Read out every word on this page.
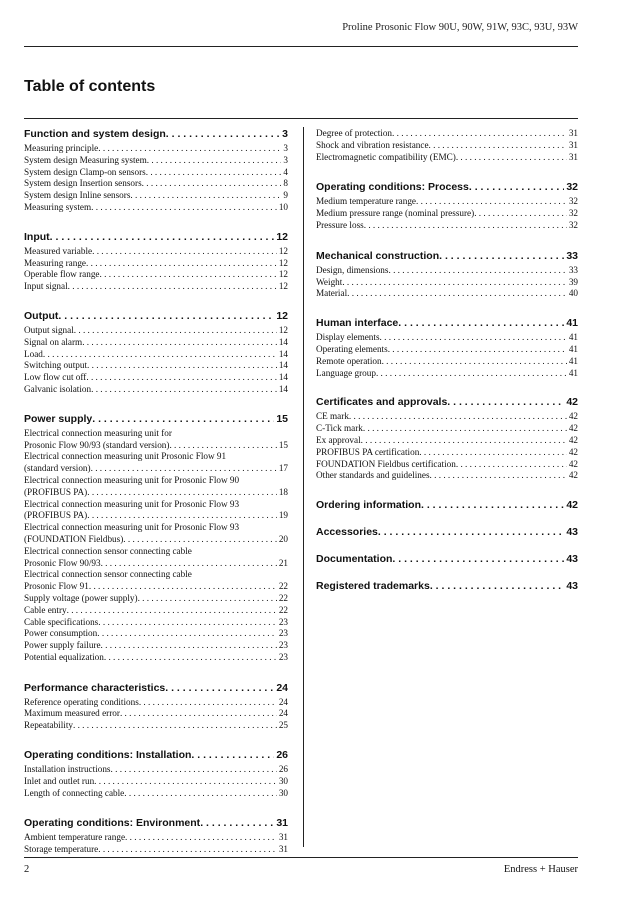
Proline Prosonic Flow 90U, 90W, 91W, 93C, 93U, 93W
Table of contents
Function and system design . . .	3
Measuring principle . . .	3
System design Measuring system . . .	3
System design Clamp-on sensors . . .	4
System design Insertion sensors . . .	8
System design Inline sensors . . .	9
Measuring system . . .	10
Input . . .	12
Measured variable . . .	12
Measuring range . . .	12
Operable flow range . . .	12
Input signal . . .	12
Output . . .	12
Output signal . . .	12
Signal on alarm . . .	14
Load . . .	14
Switching output . . .	14
Low flow cut off . . .	14
Galvanic isolation . . .	14
Power supply . . .	15
Electrical connection measuring unit for
Prosonic Flow 90/93 (standard version) . . .	15
Electrical connection measuring unit Prosonic Flow 91
(standard version) . . .	17
Electrical connection measuring unit for Prosonic Flow 90
(PROFIBUS PA) . . .	18
Electrical connection measuring unit for Prosonic Flow 93
(PROFIBUS PA) . . .	19
Electrical connection measuring unit for Prosonic Flow 93
(FOUNDATION Fieldbus) . . .	20
Electrical connection sensor connecting cable
Prosonic Flow 90/93 . . .	21
Electrical connection sensor connecting cable
Prosonic Flow 91 . . .	22
Supply voltage (power supply) . . .	22
Cable entry . . .	22
Cable specifications . . .	23
Power consumption . . .	23
Power supply failure . . .	23
Potential equalization . . .	23
Performance characteristics . . .	24
Reference operating conditions . . .	24
Maximum measured error . . .	24
Repeatability . . .	25
Operating conditions: Installation . . .	26
Installation instructions . . .	26
Inlet and outlet run . . .	30
Length of connecting cable . . .	30
Operating conditions: Environment . . .	31
Ambient temperature range . . .	31
Storage temperature . . .	31
Degree of protection . . .	31
Shock and vibration resistance . . .	31
Electromagnetic compatibility (EMC) . . .	31
Operating conditions: Process . . .	32
Medium temperature range . . .	32
Medium pressure range (nominal pressure) . . .	32
Pressure loss . . .	32
Mechanical construction . . .	33
Design, dimensions . . .	33
Weight . . .	39
Material . . .	40
Human interface . . .	41
Display elements . . .	41
Operating elements . . .	41
Remote operation . . .	41
Language group . . .	41
Certificates and approvals . . .	42
CE mark . . .	42
C-Tick mark . . .	42
Ex approval . . .	42
PROFIBUS PA certification . . .	42
FOUNDATION Fieldbus certification . . .	42
Other standards and guidelines . . .	42
Ordering information . . .	42
Accessories . . .	43
Documentation . . .	43
Registered trademarks . . .	43
2	Endress + Hauser
